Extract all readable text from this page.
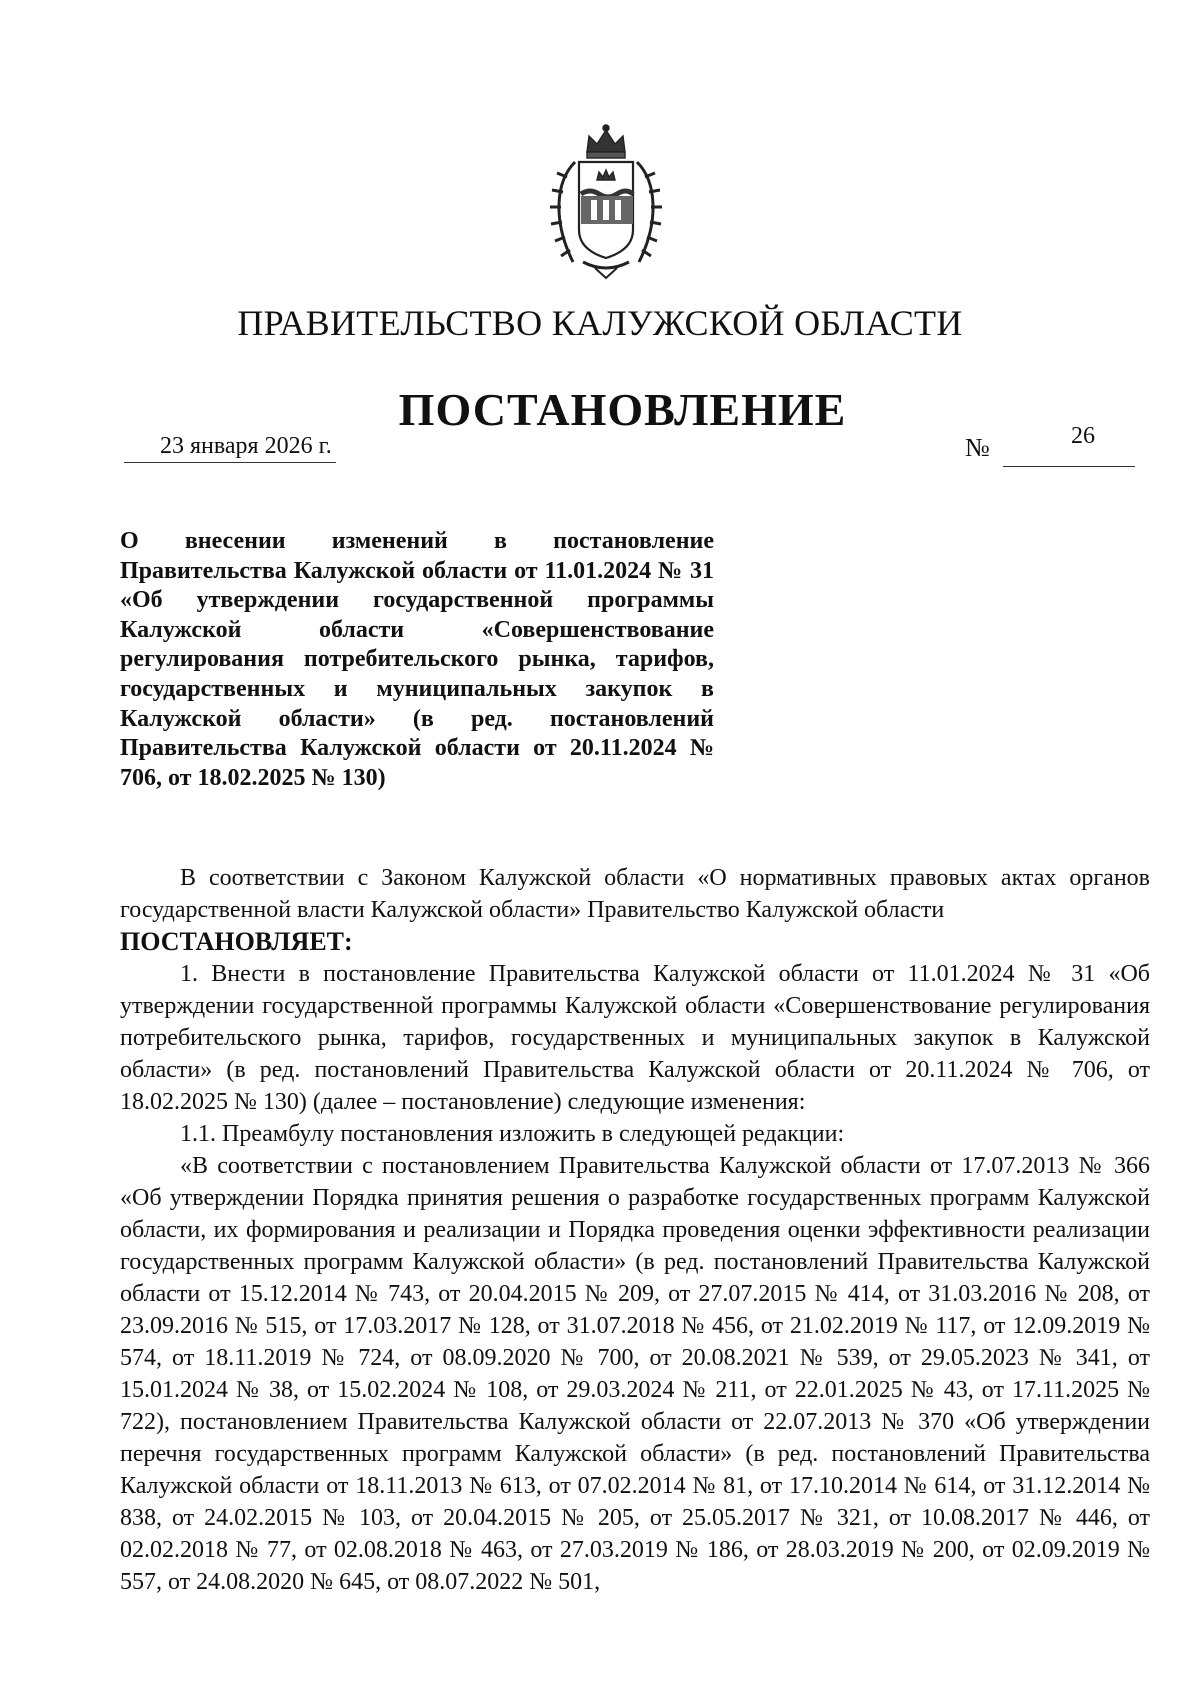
ПРАВИТЕЛЬСТВО КАЛУЖСКОЙ ОБЛАСТИ
ПОСТАНОВЛЕНИЕ
23 января 2026 г.	№	26
О внесении изменений в постановление Правительства Калужской области от 11.01.2024 № 31 «Об утверждении государственной программы Калужской области «Совершенствование регулирования потребительского рынка, тарифов, государственных и муниципальных закупок в Калужской области» (в ред. постановлений Правительства Калужской области от 20.11.2024 № 706, от 18.02.2025 № 130)

В соответствии с Законом Калужской области «О нормативных правовых актах органов государственной власти Калужской области» Правительство Калужской области

ПОСТАНОВЛЯЕТ:

1. Внести в постановление Правительства Калужской области от 11.01.2024 № 31 «Об утверждении государственной программы Калужской области «Совершенствование регулирования потребительского рынка, тарифов, государственных и муниципальных закупок в Калужской области» (в ред. постановлений Правительства Калужской области от 20.11.2024 № 706, от 18.02.2025 № 130) (далее – постановление) следующие изменения:

1.1. Преамбулу постановления изложить в следующей редакции:

«В соответствии с постановлением Правительства Калужской области от 17.07.2013 № 366 «Об утверждении Порядка принятия решения о разработке государственных программ Калужской области, их формирования и реализации и Порядка проведения оценки эффективности реализации государственных программ Калужской области» (в ред. постановлений Правительства Калужской области от 15.12.2014 № 743, от 20.04.2015 № 209, от 27.07.2015 № 414, от 31.03.2016 № 208, от 23.09.2016 № 515, от 17.03.2017 № 128, от 31.07.2018 № 456, от 21.02.2019 № 117, от 12.09.2019 № 574, от 18.11.2019 № 724, от 08.09.2020 № 700, от 20.08.2021 № 539, от 29.05.2023 № 341, от 15.01.2024 № 38, от 15.02.2024 № 108, от 29.03.2024 № 211, от 22.01.2025 № 43, от 17.11.2025 № 722), постановлением Правительства Калужской области от 22.07.2013 № 370 «Об утверждении перечня государственных программ Калужской области» (в ред. постановлений Правительства Калужской области от 18.11.2013 № 613, от 07.02.2014 № 81, от 17.10.2014 № 614, от 31.12.2014 № 838, от 24.02.2015 № 103, от 20.04.2015 № 205, от 25.05.2017 № 321, от 10.08.2017 № 446, от 02.02.2018 № 77, от 02.08.2018 № 463, от 27.03.2019 № 186, от 28.03.2019 № 200, от 02.09.2019 № 557, от 24.08.2020 № 645, от 08.07.2022 № 501,
